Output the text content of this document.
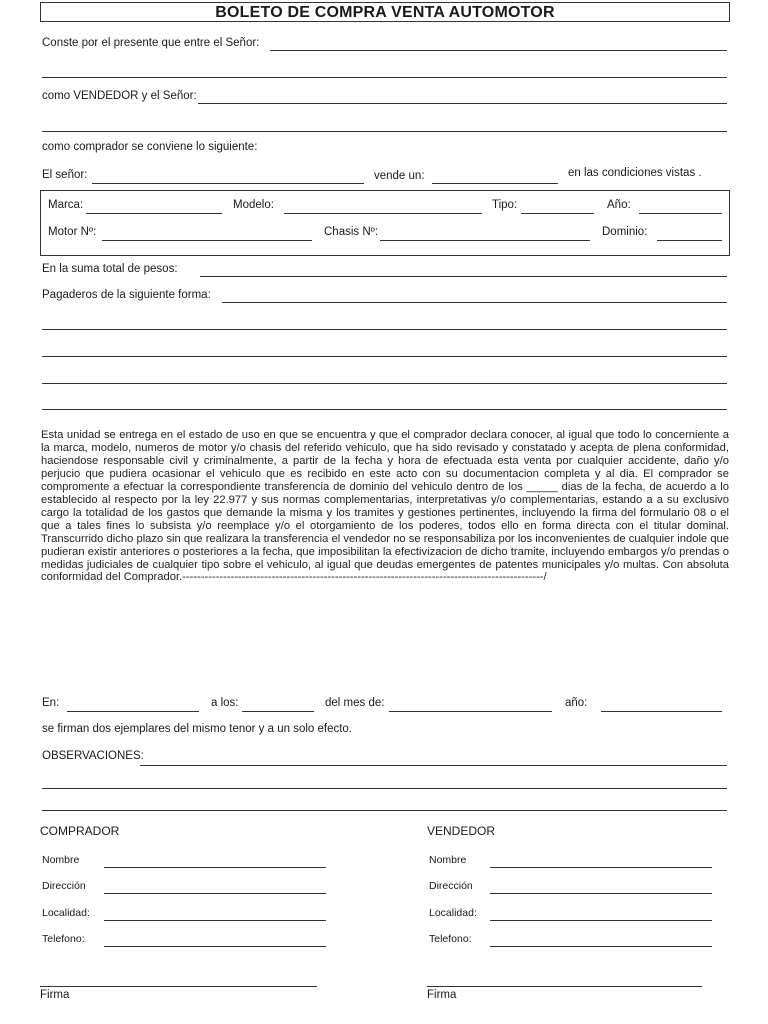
BOLETO DE COMPRA VENTA AUTOMOTOR
Conste por el presente que entre el Señor:
como VENDEDOR y el Señor:
como comprador se conviene lo siguiente:
El señor:	vende un:	en las condiciones vistas .
Marca:	Modelo:	Tipo:	Año:
Motor Nº:	Chasis Nº:	Dominio:
En la suma total de pesos:
Pagaderos de la siguiente forma:
Esta unidad se entrega en el estado de uso en que se encuentra y que el comprador declara conocer, al igual que todo lo concerniente a la marca, modelo, numeros de motor y/o chasis del referido vehiculo, que ha sido revisado y constatado y acepta de plena conformidad, haciendose responsable civil y criminalmente, a partir de la fecha y hora de efectuada esta venta por cualquier accidente, daño y/o perjucio que pudiera ocasionar el vehiculo que es recibido en este acto con su documentacion completa y al dia. El comprador se compromente a efectuar la correspondiente transferencia de dominio del vehiculo dentro de los _____ dias de la fecha, de acuerdo a lo establecido al respecto por la ley 22.977 y sus normas complementarias, interpretativas y/o complementarias, estando a a su exclusivo cargo la totalidad de los gastos que demande la misma y los tramites y gestiones pertinentes, incluyendo la firma del formulario 08 o el que a tales fines lo subsista y/o reemplace y/o el otorgamiento de los poderes, todos ello en forma directa con el titular dominal. Transcurrido dicho plazo sin que realizara la transferencia el vendedor no se responsabiliza por los inconvenientes de cualquier indole que pudieran existir anteriores o posteriores a la fecha, que imposibilitan la efectivizacion de dicho tramite, incluyendo embargos y/o prendas o medidas judiciales de cualquier tipo sobre el vehiculo, al igual que deudas emergentes de patentes municipales y/o multas. Con absoluta conformidad del Comprador.-------------------------------------------------------------------------------------------------/
En:	a los:	del mes de:	año:
se firman dos ejemplares del mismo tenor y a un solo efecto.
OBSERVACIONES:
COMPRADOR
Nombre
Dirección
Localidad:
Telefono:
Firma
VENDEDOR
Nombre
Dirección
Localidad:
Telefono:
Firma
